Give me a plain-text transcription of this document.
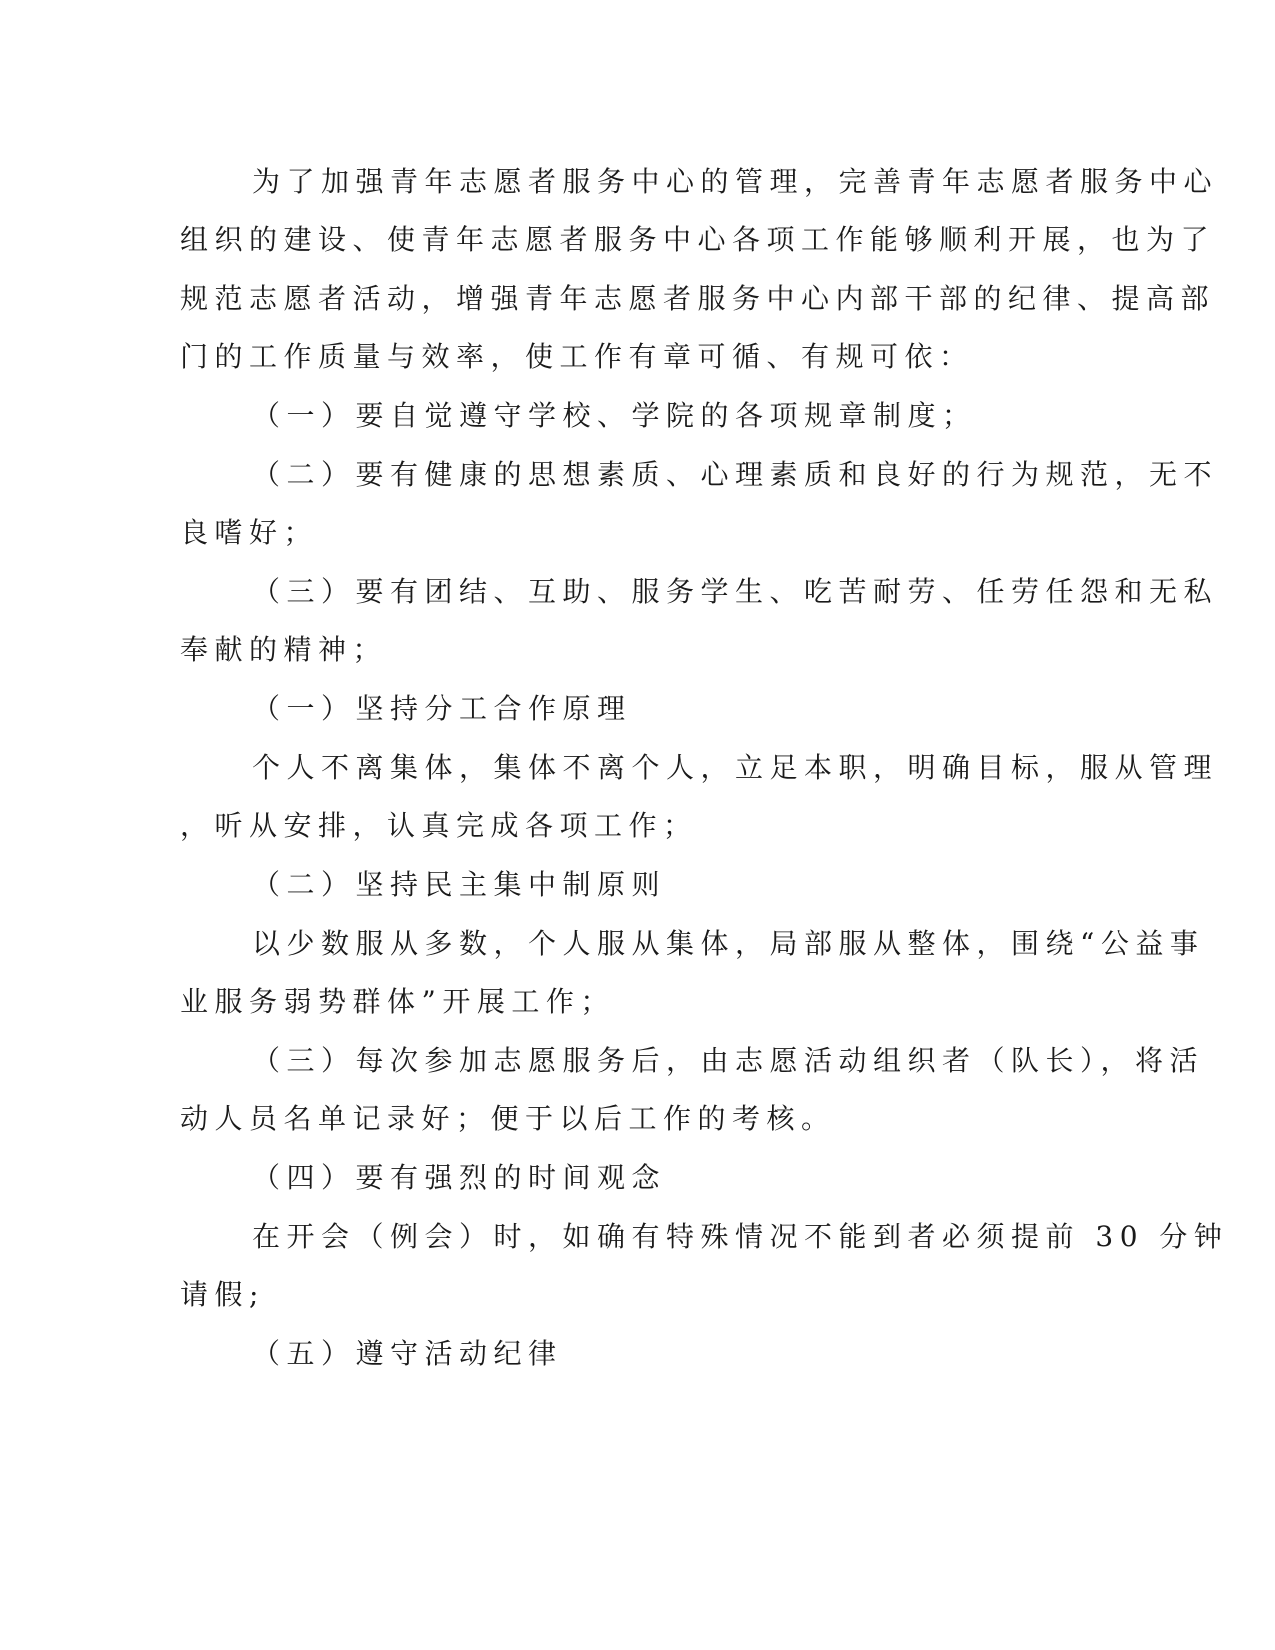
为了加强青年志愿者服务中心的管理，完善青年志愿者服务中心
组织的建设、使青年志愿者服务中心各项工作能够顺利开展，也为了
规范志愿者活动，增强青年志愿者服务中心内部干部的纪律、提高部
门的工作质量与效率，使工作有章可循、有规可依：
（一）要自觉遵守学校、学院的各项规章制度；
（二）要有健康的思想素质、心理素质和良好的行为规范，无不
良嗜好；
（三）要有团结、互助、服务学生、吃苦耐劳、任劳任怨和无私
奉献的精神；
（一）坚持分工合作原理
个人不离集体，集体不离个人，立足本职，明确目标，服从管理
，听从安排，认真完成各项工作；
（二）坚持民主集中制原则
以少数服从多数，个人服从集体，局部服从整体，围绕“公益事
业服务弱势群体”开展工作；
（三）每次参加志愿服务后，由志愿活动组织者（队长），将活
动人员名单记录好；便于以后工作的考核。
（四）要有强烈的时间观念
在开会（例会）时，如确有特殊情况不能到者必须提前 30 分钟
请假;
（五）遵守活动纪律
